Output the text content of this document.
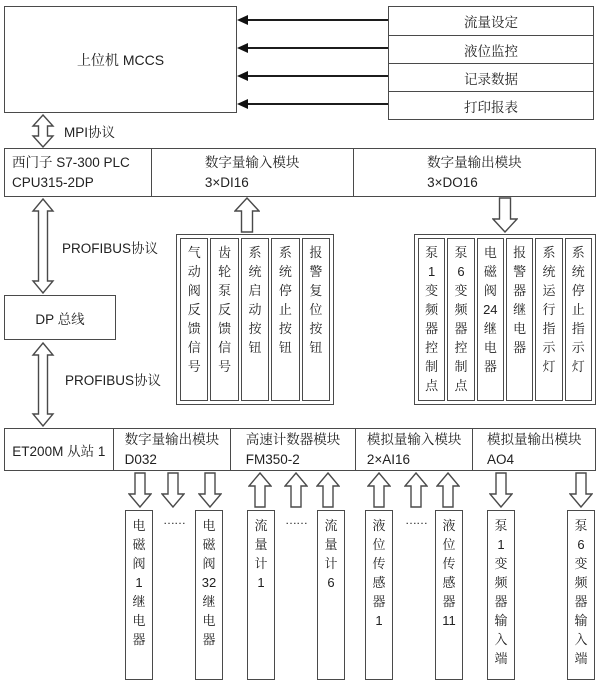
上位机 MCCS
流量设定
液位监控
记录数据
打印报表
MPI协议
西门子 S7-300 PLC
CPU315-2DP
数字量输入模块
3×DI16
数字量输出模块
3×DO16
PROFIBUS协议
DP 总线
PROFIBUS协议
气
动
阀
反
馈
信
号
齿
轮
泵
反
馈
信
号
系
统
启
动
按
钮
系
统
停
止
按
钮
报
警
复
位
按
钮
泵
1
变
频
器
控
制
点
泵
6
变
频
器
控
制
点
电
磁
阀
24
继
电
器
报
警
器
继
电
器
系
统
运
行
指
示
灯
系
统
停
止
指
示
灯
ET200M 从站 1
数字量输出模块
D032
高速计数器模块
FM350-2
模拟量输入模块
2×AI16
模拟量输出模块
AO4
电
磁
阀
1
继
电
器
……	电
磁
阀
32
继
电
器
流
量
计
1
……	流
量
计
6
液
位
传
感
器
1
……	液
位
传
感
器
11
泵
1
变
频
器
输
入
端
泵
6
变
频
器
输
入
端
